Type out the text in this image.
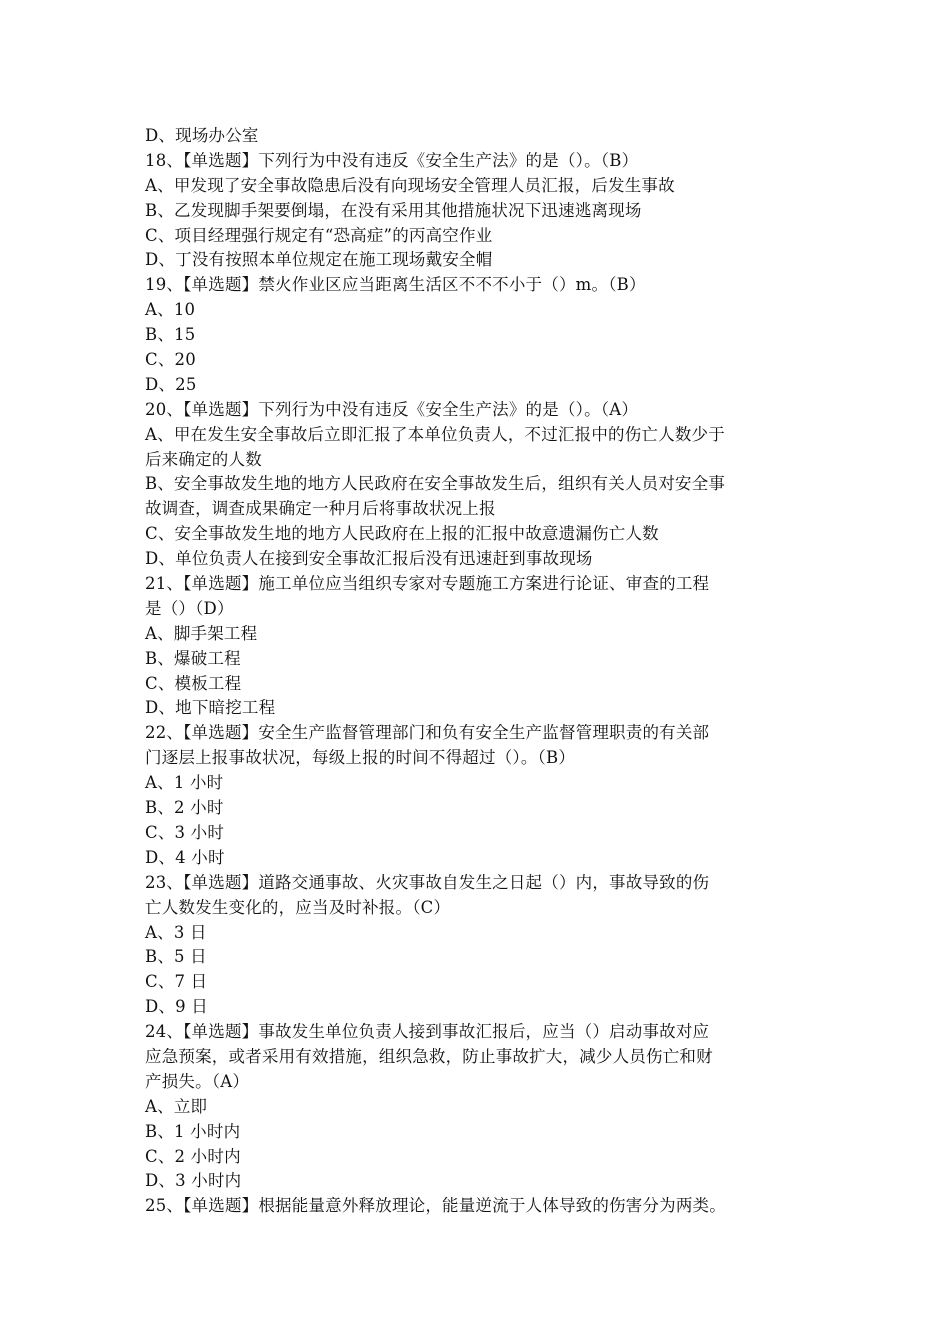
D、现场办公室
18、【单选题】下列行为中没有违反《安全生产法》的是（）。（B）
A、甲发现了安全事故隐患后没有向现场安全管理人员汇报，后发生事故
B、乙发现脚手架要倒塌，在没有采用其他措施状况下迅速逃离现场
C、项目经理强行规定有“恐高症”的丙高空作业
D、丁没有按照本单位规定在施工现场戴安全帽
19、【单选题】禁火作业区应当距离生活区不不不小于（）m。（B）
A、10
B、15
C、20
D、25
20、【单选题】下列行为中没有违反《安全生产法》的是（）。（A）
A、甲在发生安全事故后立即汇报了本单位负责人，不过汇报中的伤亡人数少于
后来确定的人数
B、安全事故发生地的地方人民政府在安全事故发生后，组织有关人员对安全事
故调查，调查成果确定一种月后将事故状况上报
C、安全事故发生地的地方人民政府在上报的汇报中故意遗漏伤亡人数
D、单位负责人在接到安全事故汇报后没有迅速赶到事故现场
21、【单选题】施工单位应当组织专家对专题施工方案进行论证、审查的工程
是（）（D）
A、脚手架工程
B、爆破工程
C、模板工程
D、地下暗挖工程
22、【单选题】安全生产监督管理部门和负有安全生产监督管理职责的有关部
门逐层上报事故状况，每级上报的时间不得超过（）。（B）
A、1 小时
B、2 小时
C、3 小时
D、4 小时
23、【单选题】道路交通事故、火灾事故自发生之日起（）内，事故导致的伤
亡人数发生变化的，应当及时补报。（C）
A、3 日
B、5 日
C、7 日
D、9 日
24、【单选题】事故发生单位负责人接到事故汇报后，应当（）启动事故对应
应急预案，或者采用有效措施，组织急救，防止事故扩大，减少人员伤亡和财
产损失。（A）
A、立即
B、1 小时内
C、2 小时内
D、3 小时内
25、【单选题】根据能量意外释放理论，能量逆流于人体导致的伤害分为两类。
